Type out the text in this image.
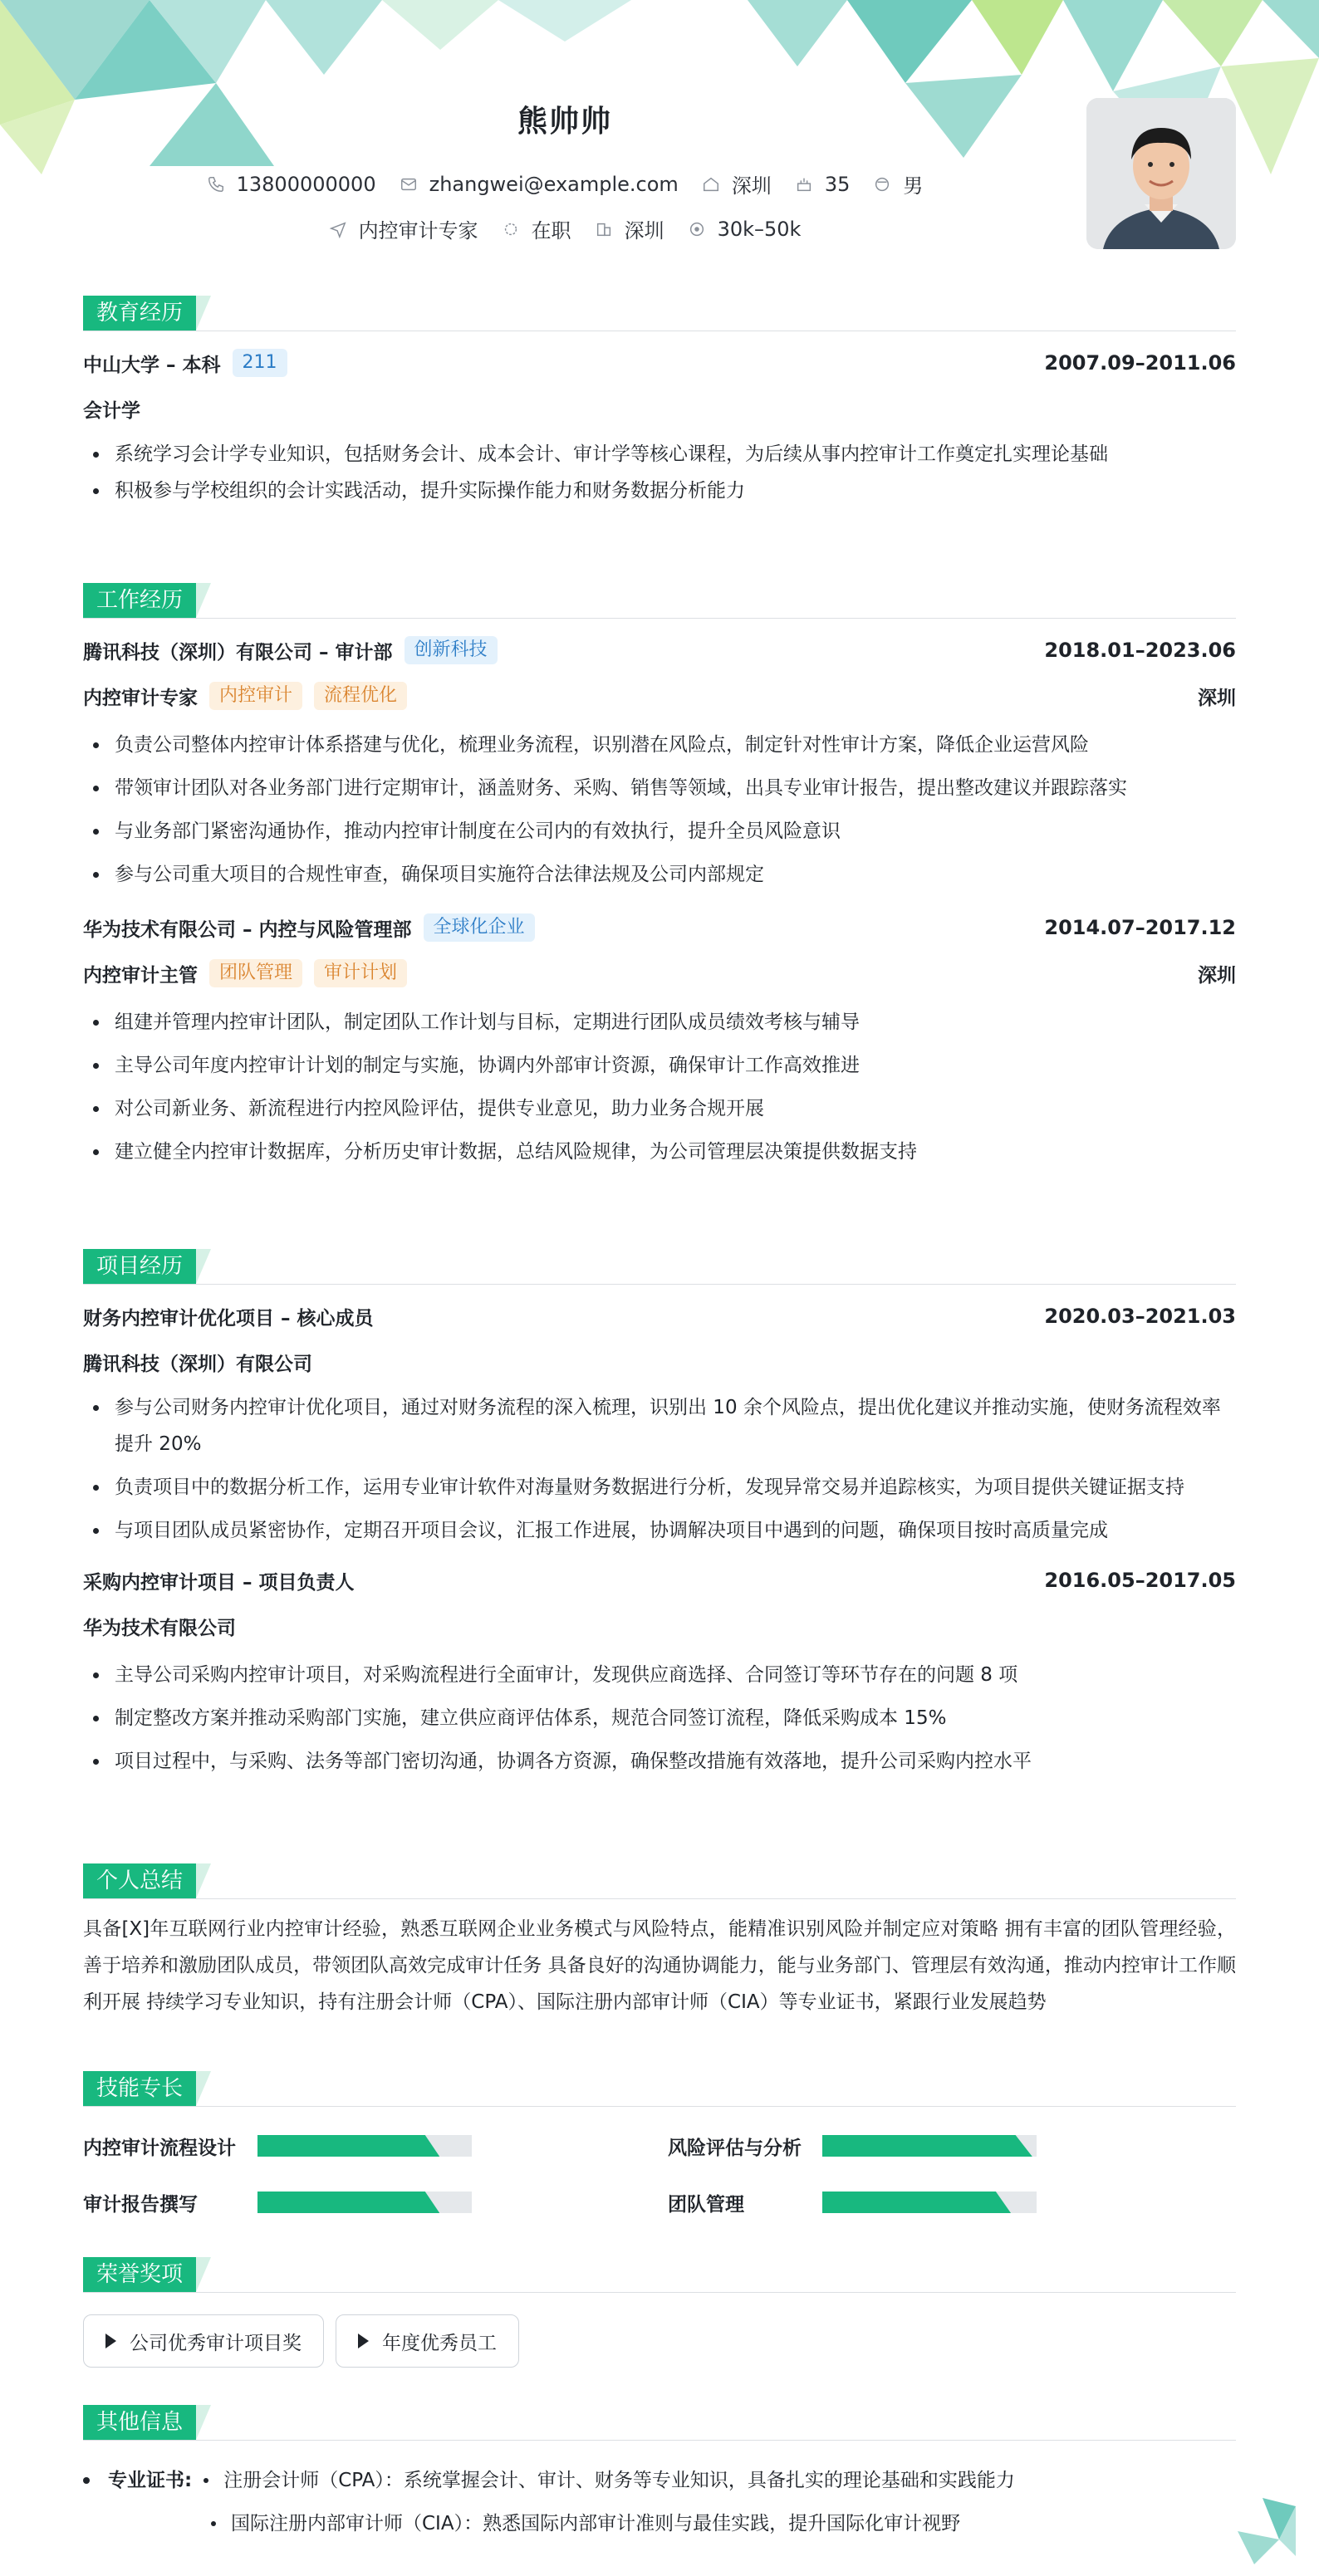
熊帅帅
13800000000	zhangwei@example.com	深圳	35	男
内控审计专家	在职	深圳	30k–50k
教育经历
中山大学 – 本科	211	2007.09–2011.06
会计学
• 系统学习会计学专业知识，包括财务会计、成本会计、审计学等核心课程，为后续从事内控审计工作奠定扎实理论基础
• 积极参与学校组织的会计实践活动，提升实际操作能力和财务数据分析能力
工作经历
腾讯科技（深圳）有限公司 – 审计部	创新科技	2018.01–2023.06
内控审计专家	内控审计	流程优化	深圳
• 负责公司整体内控审计体系搭建与优化，梳理业务流程，识别潜在风险点，制定针对性审计方案，降低企业运营风险
• 带领审计团队对各业务部门进行定期审计，涵盖财务、采购、销售等领域，出具专业审计报告，提出整改建议并跟踪落实
• 与业务部门紧密沟通协作，推动内控审计制度在公司内的有效执行，提升全员风险意识
• 参与公司重大项目的合规性审查，确保项目实施符合法律法规及公司内部规定
华为技术有限公司 – 内控与风险管理部	全球化企业	2014.07–2017.12
内控审计主管	团队管理	审计计划	深圳
• 组建并管理内控审计团队，制定团队工作计划与目标，定期进行团队成员绩效考核与辅导
• 主导公司年度内控审计计划的制定与实施，协调内外部审计资源，确保审计工作高效推进
• 对公司新业务、新流程进行内控风险评估，提供专业意见，助力业务合规开展
• 建立健全内控审计数据库，分析历史审计数据，总结风险规律，为公司管理层决策提供数据支持
项目经历
财务内控审计优化项目 – 核心成员	2020.03–2021.03
腾讯科技（深圳）有限公司
• 参与公司财务内控审计优化项目，通过对财务流程的深入梳理，识别出 10 余个风险点，提出优化建议并推动实施，使财务流程效率提升 20%
• 负责项目中的数据分析工作，运用专业审计软件对海量财务数据进行分析，发现异常交易并追踪核实，为项目提供关键证据支持
• 与项目团队成员紧密协作，定期召开项目会议，汇报工作进展，协调解决项目中遇到的问题，确保项目按时高质量完成
采购内控审计项目 – 项目负责人	2016.05–2017.05
华为技术有限公司
• 主导公司采购内控审计项目，对采购流程进行全面审计，发现供应商选择、合同签订等环节存在的问题 8 项
• 制定整改方案并推动采购部门实施，建立供应商评估体系，规范合同签订流程，降低采购成本 15%
• 项目过程中，与采购、法务等部门密切沟通，协调各方资源，确保整改措施有效落地，提升公司采购内控水平
个人总结
具备[X]年互联网行业内控审计经验，熟悉互联网企业业务模式与风险特点，能精准识别风险并制定应对策略 拥有丰富的团队管理经验，善于培养和激励团队成员，带领团队高效完成审计任务 具备良好的沟通协调能力，能与业务部门、管理层有效沟通，推动内控审计工作顺利开展 持续学习专业知识，持有注册会计师（CPA）、国际注册内部审计师（CIA）等专业证书，紧跟行业发展趋势
技能专长
内控审计流程设计	风险评估与分析
审计报告撰写	团队管理
荣誉奖项
公司优秀审计项目奖	年度优秀员工
其他信息
专业证书: 注册会计师（CPA）：系统掌握会计、审计、财务等专业知识，具备扎实的理论基础和实践能力
国际注册内部审计师（CIA）：熟悉国际内部审计准则与最佳实践，提升国际化审计视野
